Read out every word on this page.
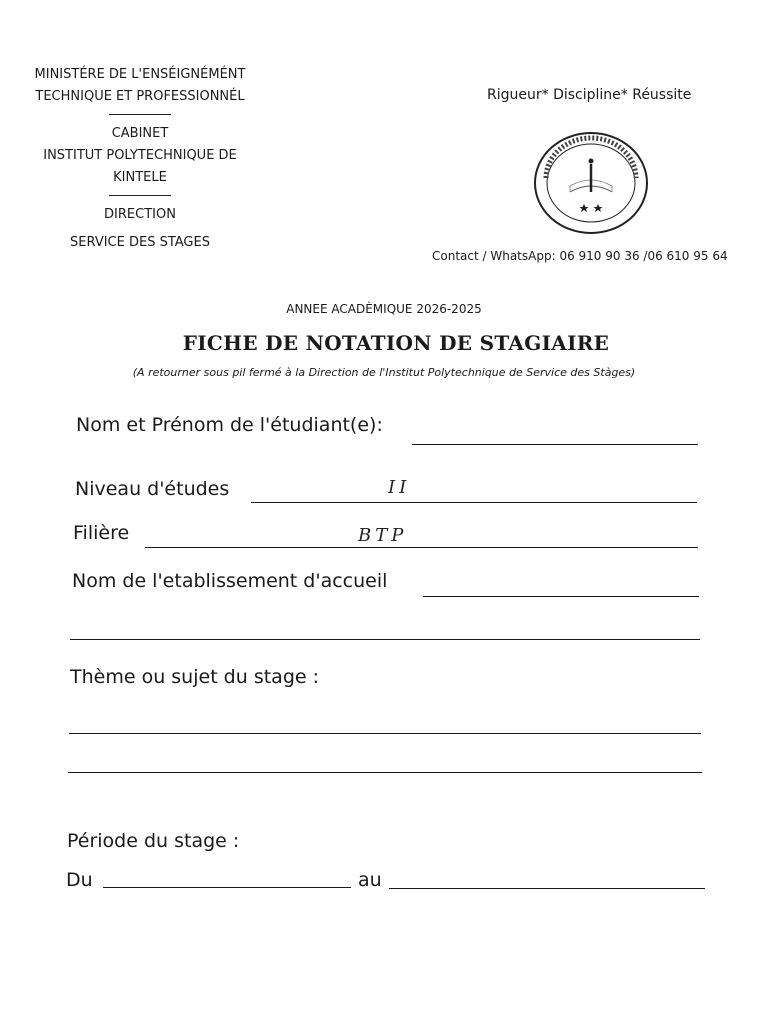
MINISTÉRE DE L'ENSÉIGNÉMÉNT
TECHNIQUE ET PROFESSIONNÉL
CABINET
INSTITUT POLYTECHNIQUE DE
KINTELE
DIRECTION
SERVICE DES STAGES
Rigueur* Discipline* Réussite
Contact / WhatsApp: 06 910 90 36 /06 610 95 64
ANNEE ACADÈMIQUE 2026-2025
FICHE DE NOTATION DE STAGIAIRE
(A retourner sous pil fermé à la Direction de l'Institut Polytechnique de Service des Stàges)
Nom et Prénom de l'étudiant(e):
Niveau d'études	II
Filière	BTP
Nom de l'etablissement d'accueil
Thème ou sujet du stage :
Période du stage :
Du	au
